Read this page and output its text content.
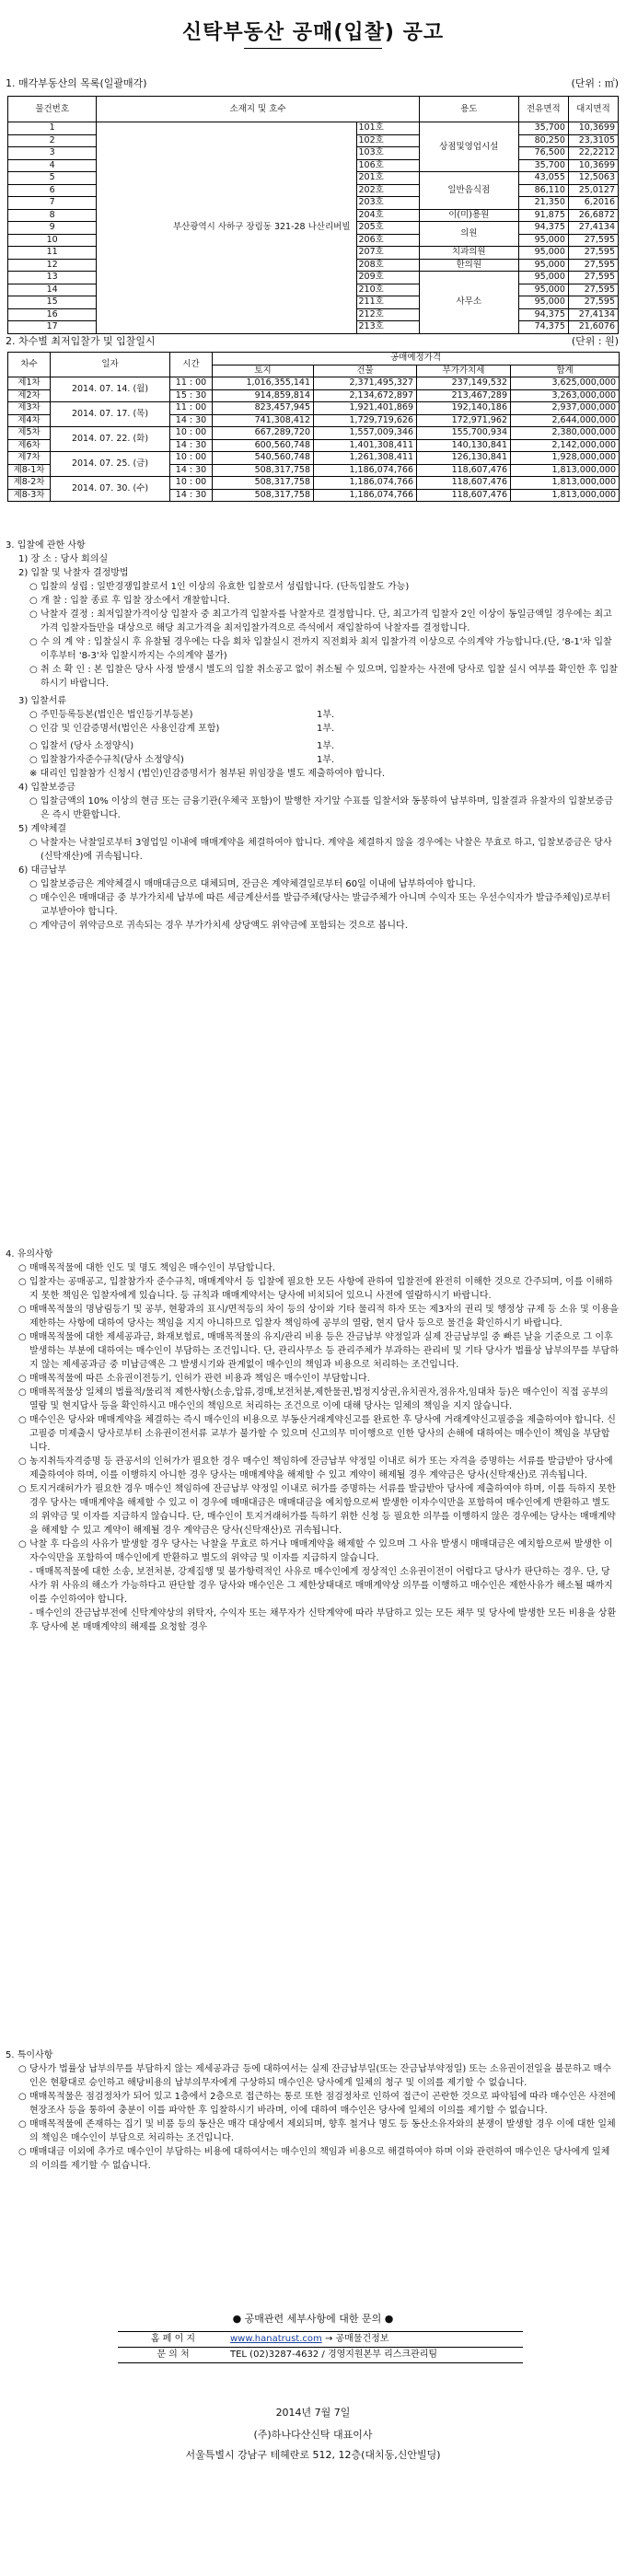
신탁부동산 공매(입찰) 공고
1. 매각부동산의 목록(일괄매각)	(단위 : ㎡)
물건번호	소재지 및 호수		용도	전유면적	대지면적
1	부산광역시 사하구 장림동 321-28 나산리버빌	101호	상점및영업시설	35,700	10,3699
2		102호		80,250	23,3105
3		103호		76,500	22,2212
4		106호		35,700	10,3699
5		201호	일반음식점	43,055	12,5063
6		202호		86,110	25,0127
7		203호		21,350	6,2016
8		204호	이(미)용원	91,875	26,6872
9		205호	의원	94,375	27,4134
10		206호		95,000	27,595
11		207호	치과의원	95,000	27,595
12		208호	한의원	95,000	27,595
13		209호	사무소	95,000	27,595
14		210호		95,000	27,595
15		211호		95,000	27,595
16		212호		94,375	27,4134
17		213호		74,375	21,6076
2. 차수별 최저입찰가 및 입찰일시	(단위 : 원)
차수	일자	시간	공매예정가격			
			토지	건물	부가가치세	합계
제1차	2014. 07. 14. (월)	11 : 00	1,016,355,141	2,371,495,327	237,149,532	3,625,000,000
제2차		15 : 30	914,859,814	2,134,672,897	213,467,289	3,263,000,000
제3차	2014. 07. 17. (목)	11 : 00	823,457,945	1,921,401,869	192,140,186	2,937,000,000
제4차		14 : 30	741,308,412	1,729,719,626	172,971,962	2,644,000,000
제5차	2014. 07. 22. (화)	10 : 00	667,289,720	1,557,009,346	155,700,934	2,380,000,000
제6차		14 : 30	600,560,748	1,401,308,411	140,130,841	2,142,000,000
제7차	2014. 07. 25. (금)	10 : 00	540,560,748	1,261,308,411	126,130,841	1,928,000,000
제8-1차		14 : 30	508,317,758	1,186,074,766	118,607,476	1,813,000,000
제8-2차	2014. 07. 30. (수)	10 : 00	508,317,758	1,186,074,766	118,607,476	1,813,000,000
제8-3차		14 : 30	508,317,758	1,186,074,766	118,607,476	1,813,000,000

3. 입찰에 관한 사항

1) 장 소 : 당사 회의실

2) 입찰 및 낙찰자 결정방법

○ 입찰의 성립 : 일반경쟁입찰로서 1인 이상의 유효한 입찰로서 성립합니다. (단독입찰도 가능)
○ 개 찰 : 입찰 종료 후 입찰 장소에서 개찰합니다.
○ 낙찰자 결정 : 최저입찰가격이상 입찰자 중 최고가격 입찰자를 낙찰자로 결정합니다. 단, 최고가격 입찰자 2인 이상이 동일금액일 경우에는 최고가격 입찰자들만을 대상으로 해당 최고가격을 최저입찰가격으로 즉석에서 재입찰하여 낙찰자를 결정합니다.
○ 수 의 계 약 : 입찰실시 후 유찰될 경우에는 다음 회차 입찰실시 전까지 직전회차 최저 입찰가격 이상으로 수의계약 가능합니다.(단, '8-1'차 입찰 이후부터 '8-3'차 입찰시까지는 수의계약 불가)
○ 취 소 확 인 : 본 입찰은 당사 사정 발생시 별도의 입찰 취소공고 없이 취소될 수 있으며, 입찰자는 사전에 당사로 입찰 실시 여부를 확인한 후 입찰하시기 바랍니다.

3) 입찰서류

○ 주민등록등본(법인은 법인등기부등본)	1부.
○ 인감 및 인감증명서(법인은 사용인감계 포함)	1부.
○ 입찰서 (당사 소정양식)	1부.
○ 입찰참가자준수규칙(당사 소정양식)	1부.

※ 대리인 입찰참가 신청시 (법인)인감증명서가 첨부된 위임장을 별도 제출하여야 합니다.

4) 입찰보증금

○ 입찰금액의 10% 이상의 현금 또는 금융기관(우체국 포함)이 발행한 자기앞 수표를 입찰서와 동봉하여 납부하며, 입찰결과 유찰자의 입찰보증금은 즉시 반환합니다.

5) 계약체결

○ 낙찰자는 낙찰일로부터 3영업일 이내에 매매계약을 체결하여야 합니다. 계약을 체결하지 않을 경우에는 낙찰은 무효로 하고, 입찰보증금은 당사(신탁재산)에 귀속됩니다.

6) 대금납부

○ 입찰보증금은 계약체결시 매매대금으로 대체되며, 잔금은 계약체결일로부터 60일 이내에 납부하여야 합니다.
○ 매수인은 매매대금 중 부가가치세 납부에 따른 세금계산서를 발급주체(당사는 발급주체가 아니며 수익자 또는 우선수익자가 발급주체임)로부터 교부받아야 합니다.
○ 계약금이 위약금으로 귀속되는 경우 부가가치세 상당액도 위약금에 포함되는 것으로 봅니다.

4. 유의사항

○ 매매목적물에 대한 인도 및 명도 책임은 매수인이 부담합니다.
○ 입찰자는 공매공고, 입찰참가자 준수규칙, 매매계약서 등 입찰에 필요한 모든 사항에 관하여 입찰전에 완전히 이해한 것으로 간주되며, 이를 이해하지 못한 책임은 입찰자에게 있습니다. 등 규칙과 매매계약서는 당사에 비치되어 있으니 사전에 열람하시기 바랍니다.
○ 매매목적물의 명남림등기 및 공부, 현황과의 표시/면적등의 차이 등의 상이와 기타 물리적 하자 또는 제3자의 권리 및 행정상 규제 등 소유 및 이용을 제한하는 사항에 대하여 당사는 책임을 지지 아니하므로 입찰자 책임하에 공부의 열람, 현지 답사 등으로 물건을 확인하시기 바랍니다.
○ 매매목적물에 대한 제세공과금, 화재보험료, 매매목적물의 유지/관리 비용 등은 잔금납부 약정일과 실제 잔금납부일 중 빠른 날을 기준으로 그 이후 발생하는 부분에 대하여는 매수인이 부담하는 조건입니다. 단, 관리사무소 등 관리주체가 부과하는 관리비 및 기타 당사가 법률상 납부의무를 부담하지 않는 제세공과금 중 미납금액은 그 발생시기와 관계없이 매수인의 책임과 비용으로 처리하는 조건입니다.
○ 매매목적물에 따른 소유권이전등기, 인허가 관련 비용과 책임은 매수인이 부담합니다.
○ 매매목적물상 일체의 법률적/물리적 제한사항(소송,압류,경매,보전처분,제한물권,법정지상권,유치권자,점유자,임대차 등)은 매수인이 직접 공부의 열람 및 현지답사 등을 확인하시고 매수인의 책임으로 처리하는 조건으로 이에 대해 당사는 일체의 책임을 지지 않습니다.
○ 매수인은 당사와 매매계약을 체결하는 즉시 매수인의 비용으로 부동산거래계약신고를 완료한 후 당사에 거래계약신고필증을 제출하여야 합니다. 신고필증 미제출시 당사로부터 소유권이전서류 교부가 불가할 수 있으며 신고의무 미이행으로 인한 당사의 손해에 대하여는 매수인이 책임을 부담합니다.
○ 농지취득자격증명 등 관공서의 인허가가 필요한 경우 매수인 책임하에 잔금납부 약정일 이내로 허가 또는 자격을 증명하는 서류를 발급받아 당사에 제출하여야 하며, 이를 이행하지 아니한 경우 당사는 매매계약을 해제할 수 있고 계약이 해제될 경우 계약금은 당사(신탁재산)로 귀속됩니다.
○ 토지거래허가가 필요한 경우 매수인 책임하에 잔금납부 약정일 이내로 허가를 증명하는 서류를 발급받아 당사에 제출하여야 하며, 이를 득하지 못한 경우 당사는 매매계약을 해제할 수 있고 이 경우에 매매대금은 매매대금을 예치함으로써 발생한 이자수익만을 포함하여 매수인에게 반환하고 별도의 위약금 및 이자를 지급하지 않습니다. 단, 매수인이 토지거래허가를 득하기 위한 신청 등 필요한 의무를 이행하지 않은 경우에는 당사는 매매계약을 해제할 수 있고 계약이 해제될 경우 계약금은 당사(신탁재산)로 귀속됩니다.
○ 낙찰 후 다음의 사유가 발생할 경우 당사는 낙찰을 무효로 하거나 매매계약을 해제할 수 있으며 그 사유 발생시 매매대금은 예치함으로써 발생한 이자수익만을 포함하여 매수인에게 반환하고 별도의 위약금 및 이자를 지급하지 않습니다.

- 매매목적물에 대한 소송, 보전처분, 강제집행 및 불가항력적인 사유로 매수인에게 정상적인 소유권이전이 어렵다고 당사가 판단하는 경우. 단, 당사가 위 사유의 해소가 가능하다고 판단할 경우 당사와 매수인은 그 제한상태대로 매매계약상 의무를 이행하고 매수인은 제한사유가 해소될 때까지 이를 수인하여야 합니다.

- 매수인의 잔금납부전에 신탁계약상의 위탁자, 수익자 또는 채무자가 신탁계약에 따라 부담하고 있는 모든 채무 및 당사에 발생한 모든 비용을 상환 후 당사에 본 매매계약의 해제를 요청할 경우

5. 특이사항

○ 당사가 법률상 납부의무를 부담하지 않는 제세공과금 등에 대하여서는 실제 잔금납부일(또는 잔금납부약정일) 또는 소유권이전일을 불문하고 매수인은 현황대로 승인하고 해당비용의 납부의무자에게 구상하되 매수인은 당사에게 일체의 청구 및 이의를 제기할 수 없습니다.
○ 매매목적물은 점검정차가 되어 있고 1층에서 2층으로 접근하는 통로 또한 점검정차로 인하여 접근이 곤란한 것으로 파악됨에 따라 매수인은 사전에 현장조사 등을 통하여 충분이 이를 파악한 후 입찰하시기 바라며, 이에 대하여 매수인은 당사에 일체의 이의를 제기할 수 없습니다.
○ 매매목적물에 존재하는 집기 및 비품 등의 동산은 매각 대상에서 제외되며, 향후 철거나 명도 등 동산소유자와의 분쟁이 발생할 경우 이에 대한 일체의 책임은 매수인이 부담으로 처리하는 조건입니다.
○ 매매대금 이외에 추가로 매수인이 부담하는 비용에 대하여서는 매수인의 책임과 비용으로 해결하여야 하며 이와 관련하여 매수인은 당사에게 일체의 이의를 제기할 수 없습니다.
● 공매관련 세부사항에 대한 문의 ●
홈 페 이 지	www.hanatrust.com → 공매물건정보
문 의 처	TEL (02)3287-4632 / 경영지원본부 리스크관리팀
2014년 7월 7일
(주)하나다산신탁 대표이사
서울특별시 강남구 테헤란로 512, 12층(대치동,신안빌딩)
